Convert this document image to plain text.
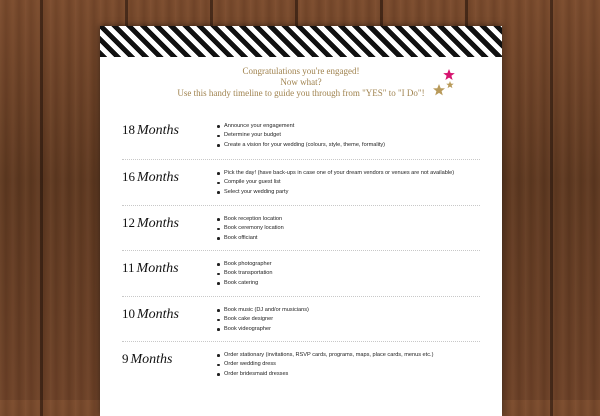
Congratulations you're engaged!
Now what?
Use this handy timeline to guide you through from "YES" to "I Do"!
18 Months	Announce your engagement
Determine your budget
Create a vision for your wedding (colours, style, theme, formality)
16 Months	Pick the day! (have back-ups in case one of your dream vendors or venues are not available)
Compile your guest list
Select your wedding party
12 Months	Book reception location
Book ceremony location
Book officiant
11 Months	Book photographer
Book transportation
Book catering
10 Months	Book music (DJ and/or musicians)
Book cake designer
Book videographer
9 Months	Order stationary (invitations, RSVP cards, programs, maps, place cards, menus etc.)
Order wedding dress
Order bridesmaid dresses
